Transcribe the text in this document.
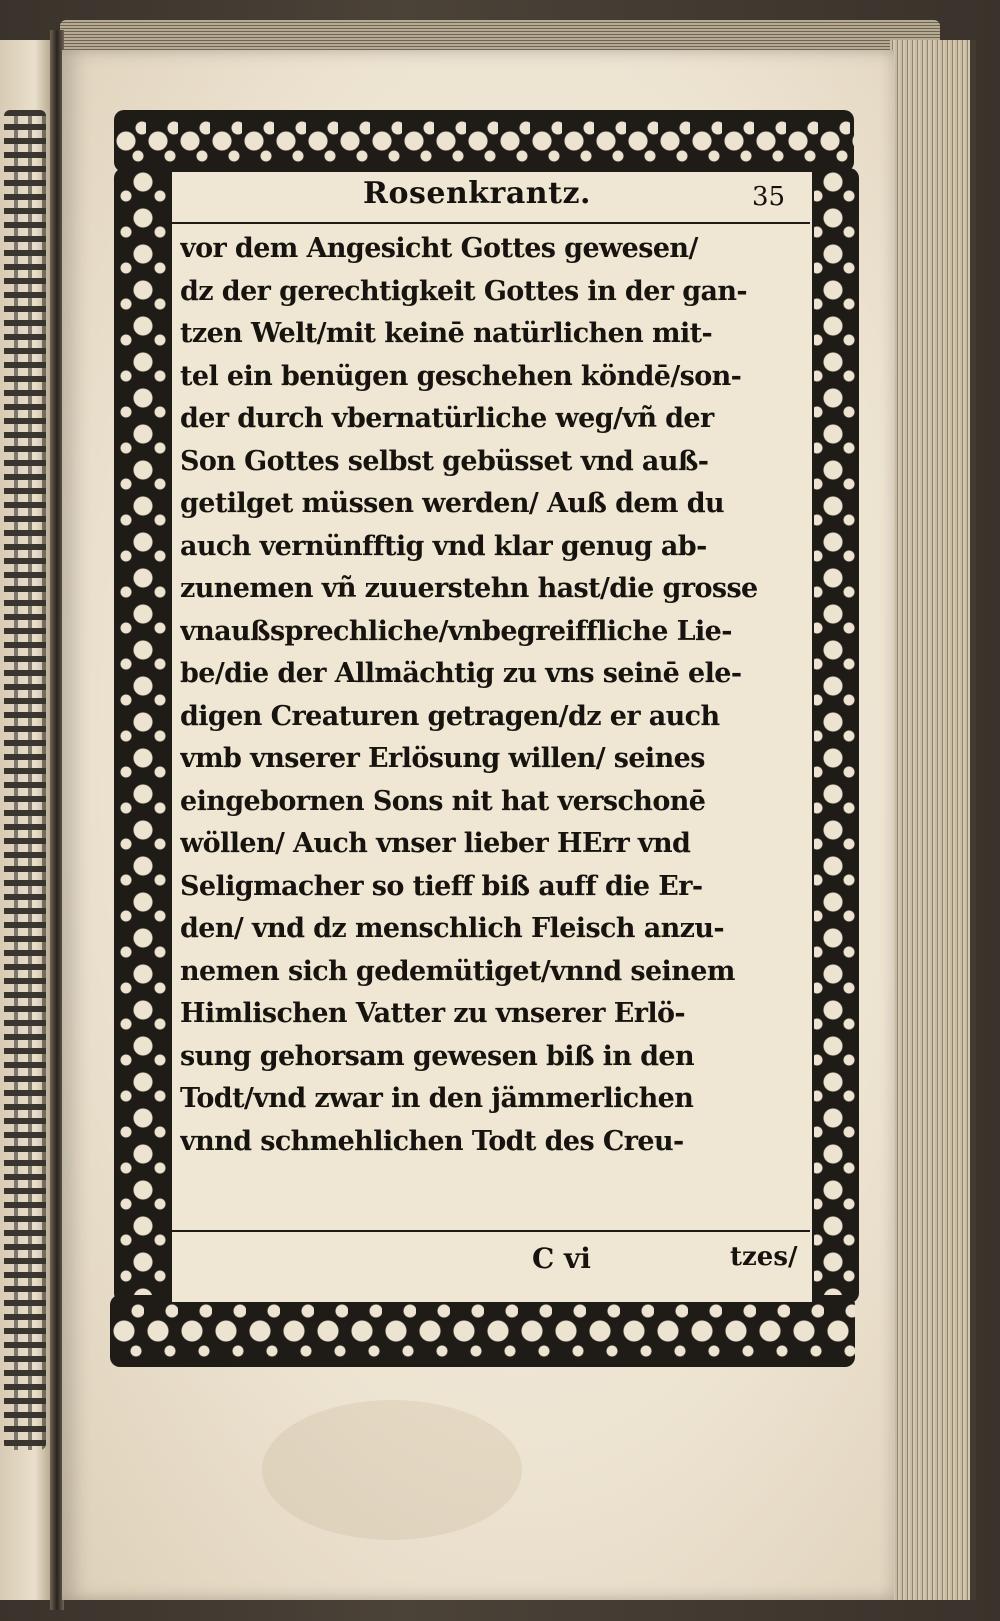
Rosenkrantz.	35
vor dem Angesicht Gottes gewesen/
dz der gerechtigkeit Gottes in der gan-
tzen Welt/mit keinē natürlichen mit-
tel ein benügen geschehen köndē/son-
der durch vbernatürliche weg/vñ der
Son Gottes selbst gebüsset vnd auß-
getilget müssen werden/ Auß dem du
auch vernünfftig vnd klar genug ab-
zunemen vñ zuuerstehn hast/die grosse
vnaußsprechliche/vnbegreiffliche Lie-
be/die der Allmächtig zu vns seinē ele-
digen Creaturen getragen/dz er auch
vmb vnserer Erlösung willen/ seines
eingebornen Sons nit hat verschonē
wöllen/ Auch vnser lieber HErr vnd
Seligmacher so tieff biß auff die Er-
den/ vnd dz menschlich Fleisch anzu-
nemen sich gedemütiget/vnnd seinem
Himlischen Vatter zu vnserer Erlö-
sung gehorsam gewesen biß in den
Todt/vnd zwar in den jämmerlichen
vnnd schmehlichen Todt des Creu-
C vi	tzes/
